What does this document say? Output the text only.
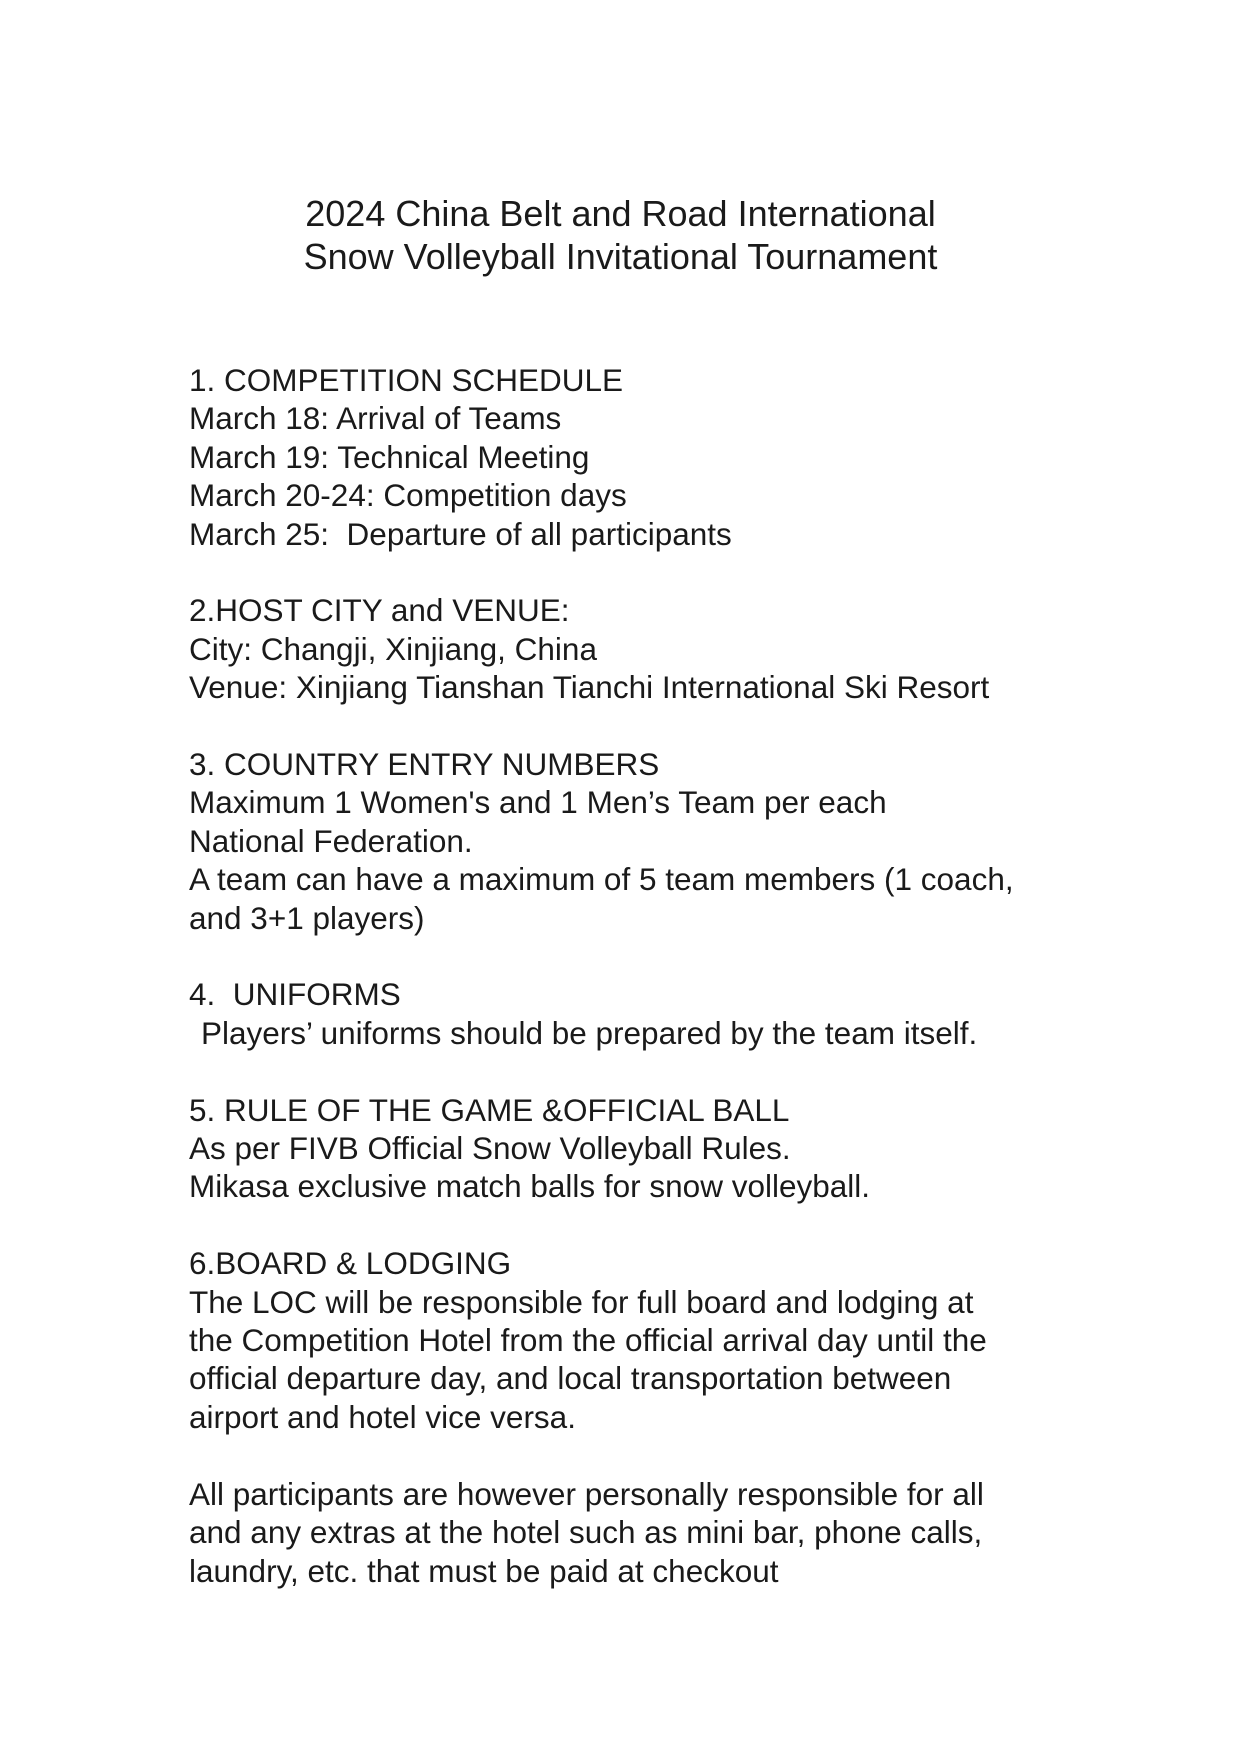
2024 China Belt and Road International
Snow Volleyball Invitational Tournament
1. COMPETITION SCHEDULE
March 18: Arrival of Teams
March 19: Technical Meeting
March 20-24: Competition days
March 25:  Departure of all participants
2.HOST CITY and VENUE:
City: Changji, Xinjiang, China
Venue: Xinjiang Tianshan Tianchi International Ski Resort
3. COUNTRY ENTRY NUMBERS
Maximum 1 Women's and 1 Men’s Team per each
National Federation.
A team can have a maximum of 5 team members (1 coach,
and 3+1 players)
4.  UNIFORMS
Players’ uniforms should be prepared by the team itself.
5. RULE OF THE GAME &OFFICIAL BALL
As per FIVB Official Snow Volleyball Rules.
Mikasa exclusive match balls for snow volleyball.
6.BOARD & LODGING
The LOC will be responsible for full board and lodging at
the Competition Hotel from the official arrival day until the
official departure day, and local transportation between
airport and hotel vice versa.
All participants are however personally responsible for all
and any extras at the hotel such as mini bar, phone calls,
laundry, etc. that must be paid at checkout
